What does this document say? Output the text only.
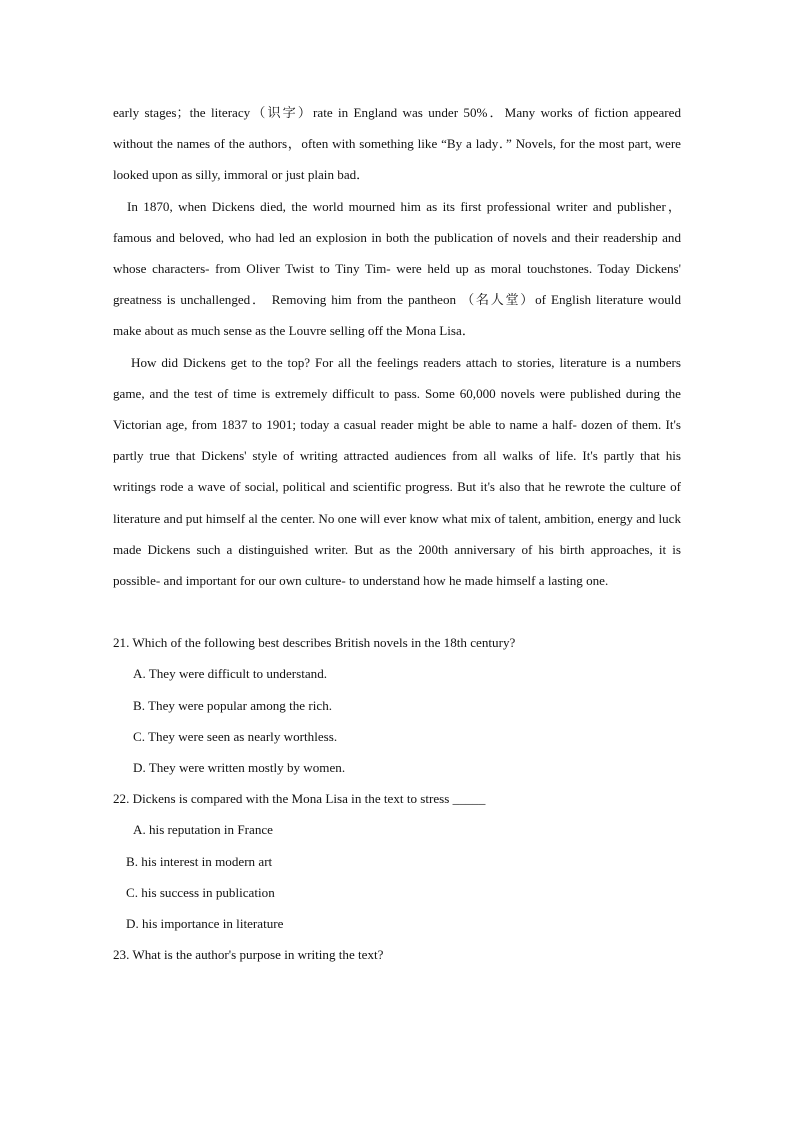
early stages；the literacy（识字）rate in England was under 50%．Many works of fiction appeared without the names of the authors，often with something like “By a lady．” Novels, for the most part, were looked upon as silly, immoral or just plain bad．

In 1870, when Dickens died, the world mourned him as its first professional writer and publisher，famous and beloved, who had led an explosion in both the publication of novels and their readership and whose characters- from Oliver Twist to Tiny Tim- were held up as moral touchstones. Today Dickens' greatness is unchallenged． Removing him from the pantheon （名人堂）of English literature would make about as much sense as the Louvre selling off the Mona Lisa．

How did Dickens get to the top? For all the feelings readers attach to stories, literature is a numbers game, and the test of time is extremely difficult to pass. Some 60,000 novels were published during the Victorian age, from 1837 to 1901; today a casual reader might be able to name a half- dozen of them. It's partly true that Dickens' style of writing attracted audiences from all walks of life. It's partly that his writings rode a wave of social, political and scientific progress. But it's also that he rewrote the culture of literature and put himself al the center. No one will ever know what mix of talent, ambition, energy and luck made Dickens such a distinguished writer. But as the 200th anniversary of his birth approaches, it is possible- and important for our own culture- to understand how he made himself a lasting one.

21. Which of the following best describes British novels in the 18th century?

A. They were difficult to understand.

B. They were popular among the rich.

C. They were seen as nearly worthless.

D. They were written mostly by women.

22. Dickens is compared with the Mona Lisa in the text to stress _____

A. his reputation in France

B. his interest in modern art

C. his success in publication

D. his importance in literature

23. What is the author's purpose in writing the text?
